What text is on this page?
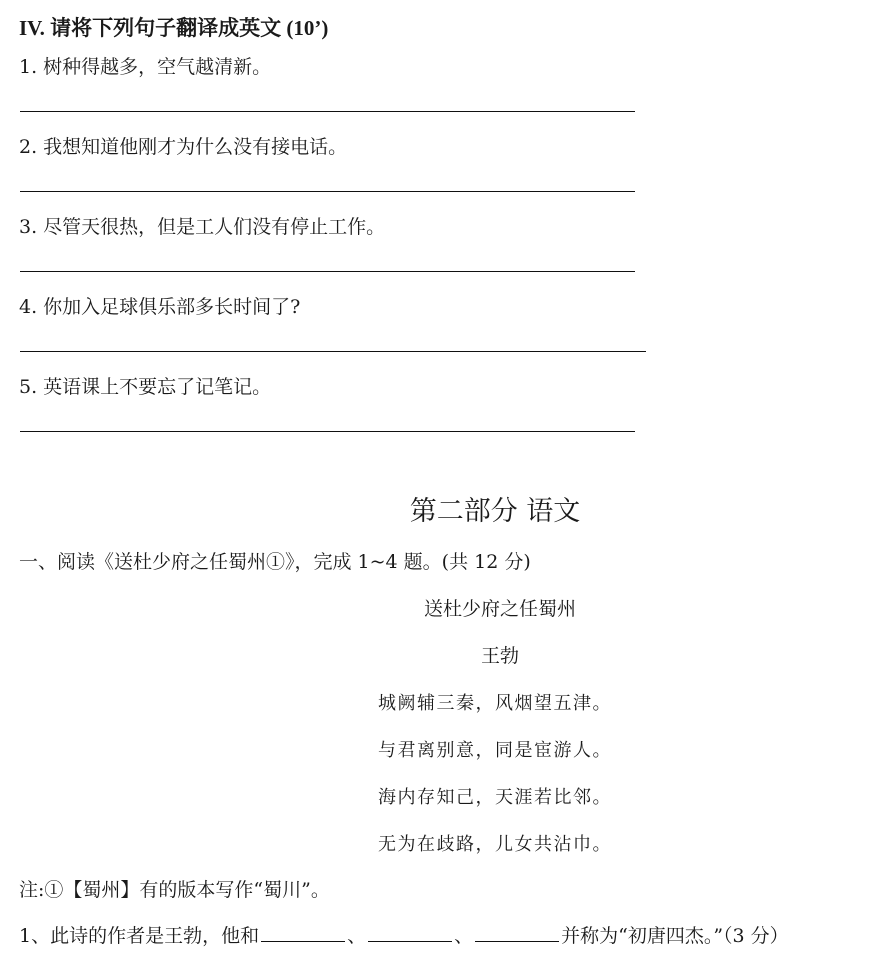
IV. 请将下列句子翻译成英文 (10’)
1. 树种得越多，空气越清新。
2. 我想知道他刚才为什么没有接电话。
3. 尽管天很热，但是工人们没有停止工作。
4. 你加入足球俱乐部多长时间了?
5. 英语课上不要忘了记笔记。
第二部分 语文
一、阅读《送杜少府之任蜀州①》，完成 1~4 题。(共 12 分)
送杜少府之任蜀州
王勃
城阙辅三秦，风烟望五津。
与君离别意，同是宦游人。
海内存知己，天涯若比邻。
无为在歧路，儿女共沾巾。
注:①【蜀州】有的版本写作“蜀川”。
1、此诗的作者是王勃，他和	、	、	并称为“初唐四杰。”（3 分）
